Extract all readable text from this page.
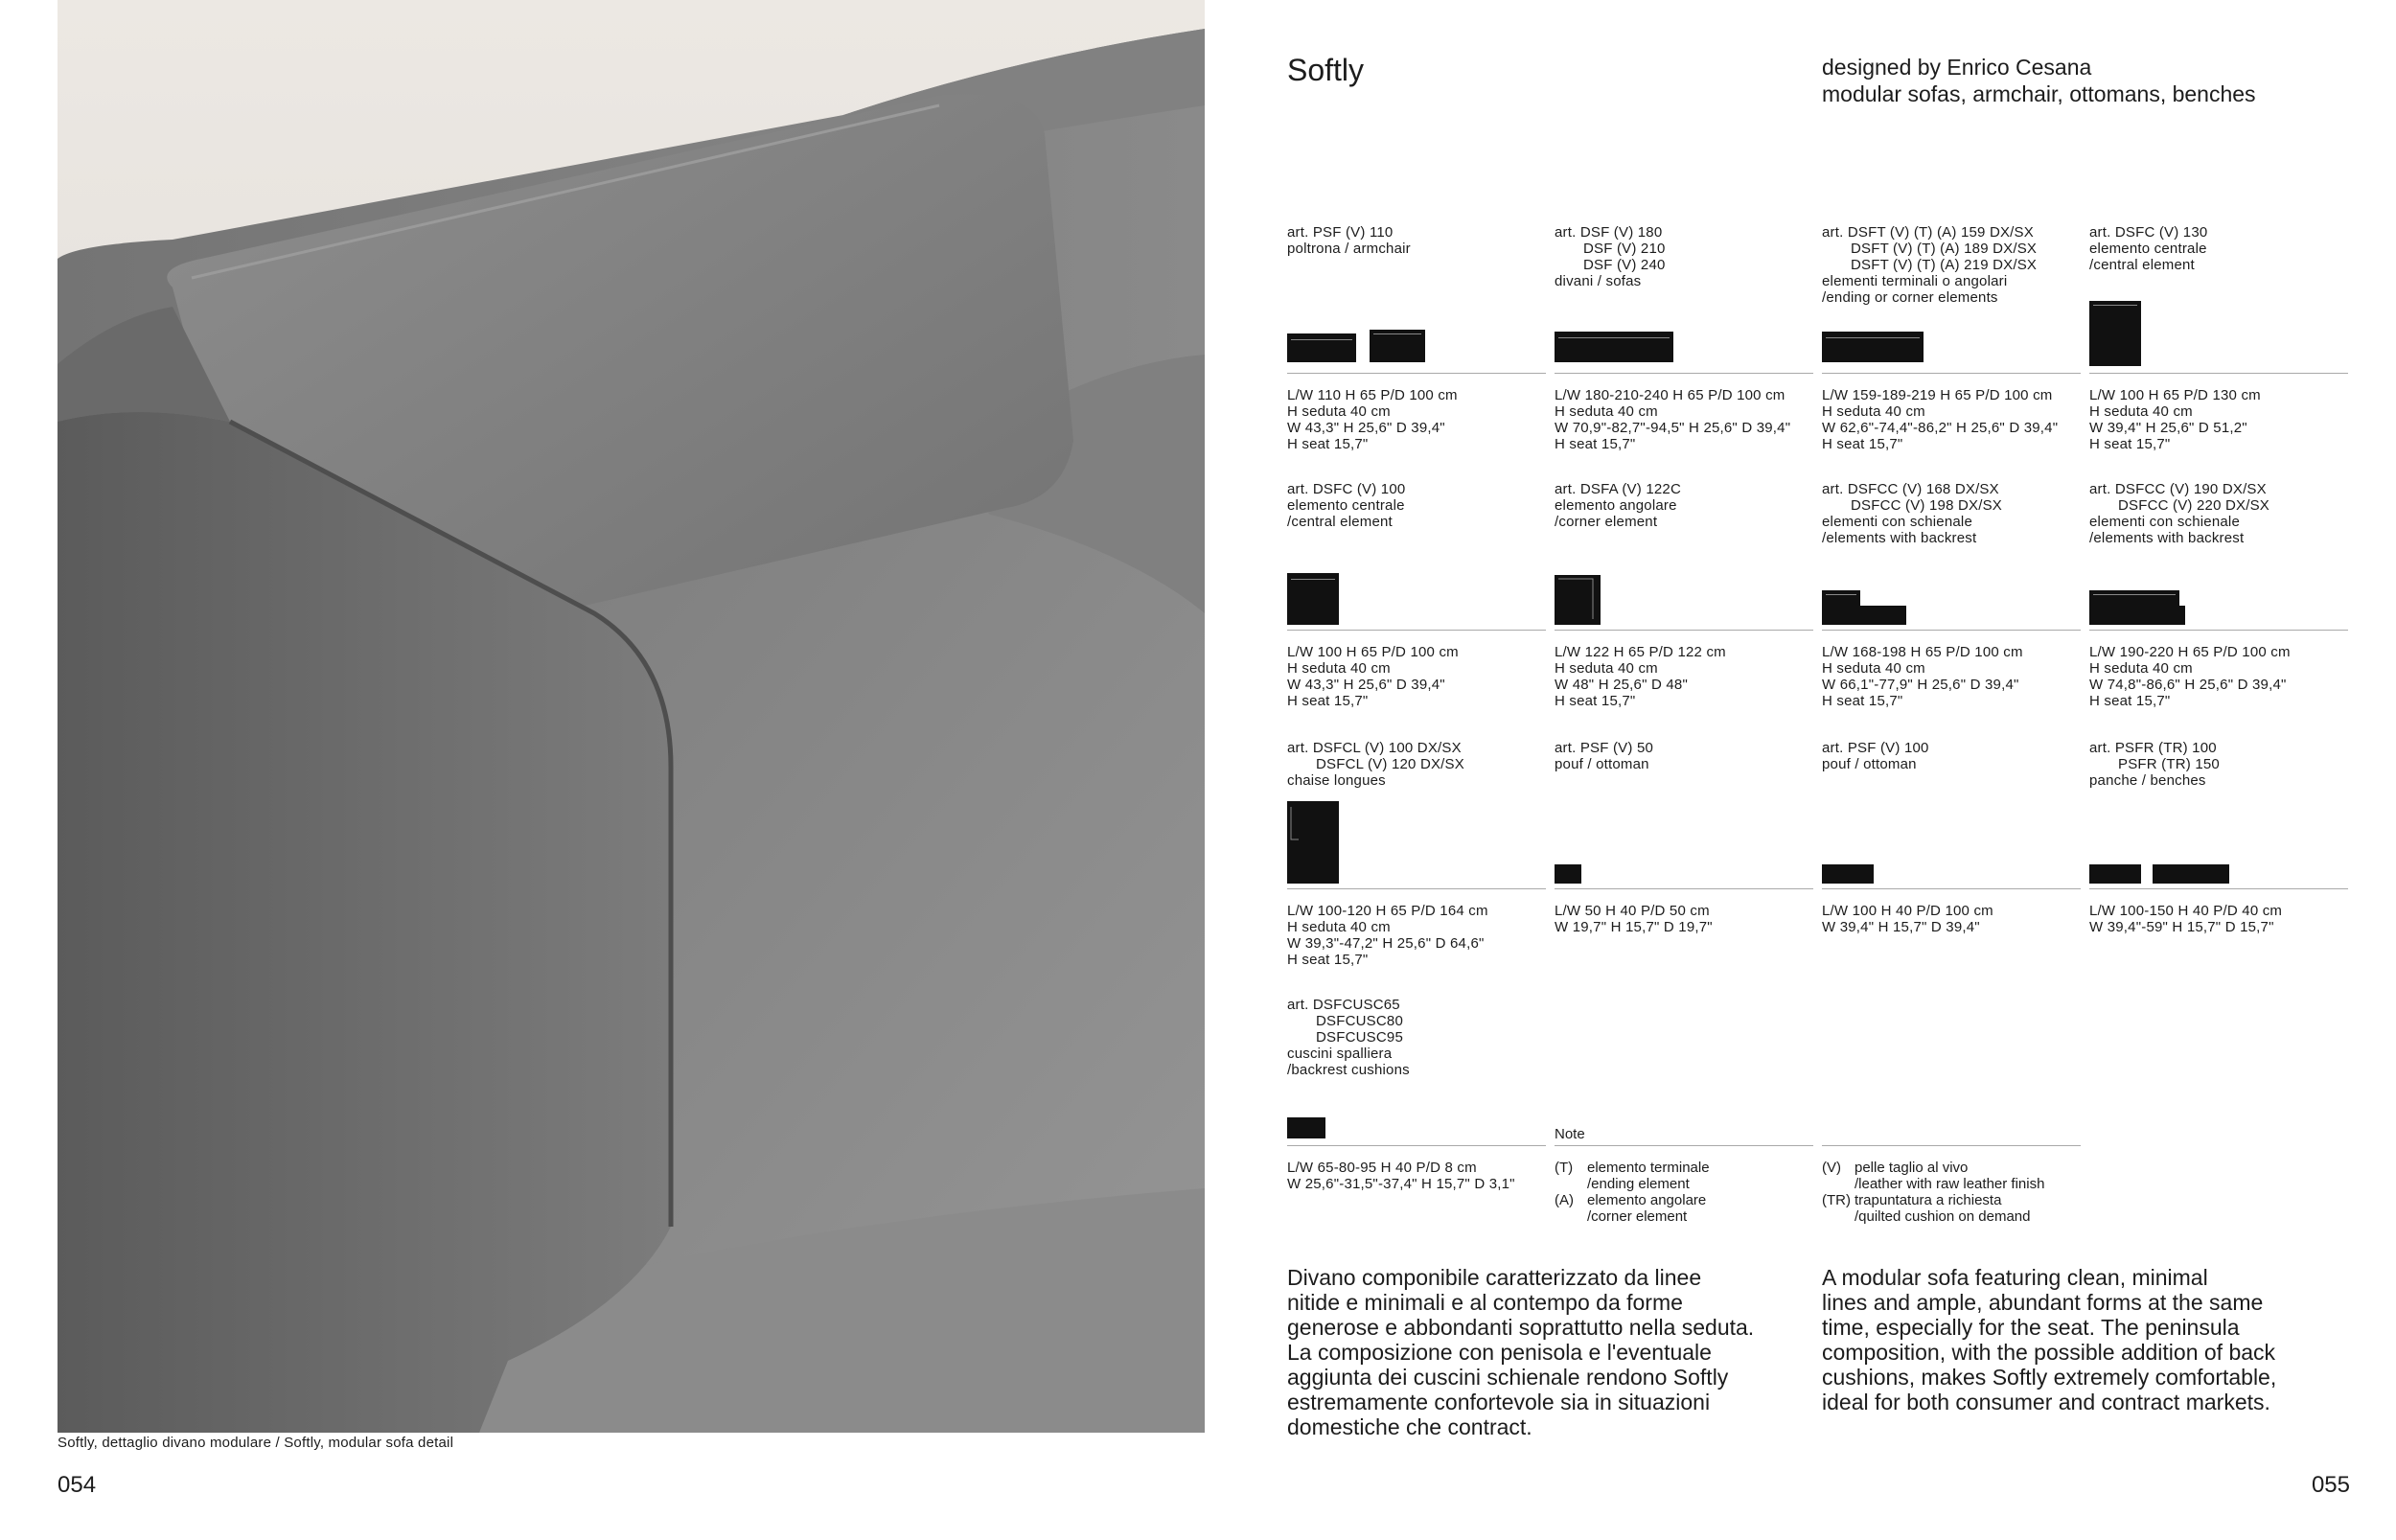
Softly, dettaglio divano modulare / Softly, modular sofa detail
054	055
Softly	designed by Enrico Cesana
modular sofas, armchair, ottomans, benches
art. PSF (V) 110
poltrona / armchair
L/W 110 H 65 P/D 100 cm
H seduta 40 cm
W 43,3" H 25,6" D 39,4"
H seat 15,7"
art. DSF (V) 180
DSF (V) 210
DSF (V) 240
divani / sofas
L/W 180-210-240 H 65 P/D 100 cm
H seduta 40 cm
W 70,9"-82,7"-94,5" H 25,6" D 39,4"
H seat 15,7"
art. DSFT (V) (T) (A) 159 DX/SX
DSFT (V) (T) (A) 189 DX/SX
DSFT (V) (T) (A) 219 DX/SX
elementi terminali o angolari
/ending or corner elements
L/W 159-189-219 H 65 P/D 100 cm
H seduta 40 cm
W 62,6"-74,4"-86,2" H 25,6" D 39,4"
H seat 15,7"
art. DSFC (V) 130
elemento centrale
/central element
L/W 100 H 65 P/D 130 cm
H seduta 40 cm
W 39,4" H 25,6" D 51,2"
H seat 15,7"
art. DSFC (V) 100
elemento centrale
/central element
L/W 100 H 65 P/D 100 cm
H seduta 40 cm
W 43,3" H 25,6" D 39,4"
H seat 15,7"
art. DSFA (V) 122C
elemento angolare
/corner element
L/W 122 H 65 P/D 122 cm
H seduta 40 cm
W 48" H 25,6" D 48"
H seat 15,7"
art. DSFCC (V) 168 DX/SX
DSFCC (V) 198 DX/SX
elementi con schienale
/elements with backrest
L/W 168-198 H 65 P/D 100 cm
H seduta 40 cm
W 66,1"-77,9" H 25,6" D 39,4"
H seat 15,7"
art. DSFCC (V) 190 DX/SX
DSFCC (V) 220 DX/SX
elementi con schienale
/elements with backrest
L/W 190-220 H 65 P/D 100 cm
H seduta 40 cm
W 74,8"-86,6" H 25,6" D 39,4"
H seat 15,7"
art. DSFCL (V) 100 DX/SX
DSFCL (V) 120 DX/SX
chaise longues
L/W 100-120 H 65 P/D 164 cm
H seduta 40 cm
W 39,3"-47,2" H 25,6" D 64,6"
H seat 15,7"
art. PSF (V) 50
pouf / ottoman
L/W 50 H 40 P/D 50 cm
W 19,7" H 15,7" D 19,7"
art. PSF (V) 100
pouf / ottoman
L/W 100 H 40 P/D 100 cm
W 39,4" H 15,7" D 39,4"
art. PSFR (TR) 100
PSFR (TR) 150
panche / benches
L/W 100-150 H 40 P/D 40 cm
W 39,4"-59" H 15,7" D 15,7"
art. DSFCUSC65
DSFCUSC80
DSFCUSC95
cuscini spalliera
/backrest cushions
L/W 65-80-95 H 40 P/D 8 cm
W 25,6"-31,5"-37,4" H 15,7" D 3,1"
Note
(T) elemento terminale
/ending element
(A) elemento angolare
/corner element
(V) pelle taglio al vivo
/leather with raw leather finish
(TR) trapuntatura a richiesta
/quilted cushion on demand
Divano componibile caratterizzato da linee
nitide e minimali e al contempo da forme
generose e abbondanti soprattutto nella seduta.
La composizione con penisola e l'eventuale
aggiunta dei cuscini schienale rendono Softly
estremamente confortevole sia in situazioni
domestiche che contract.
A modular sofa featuring clean, minimal
lines and ample, abundant forms at the same
time, especially for the seat. The peninsula
composition, with the possible addition of back
cushions, makes Softly extremely comfortable,
ideal for both consumer and contract markets.
